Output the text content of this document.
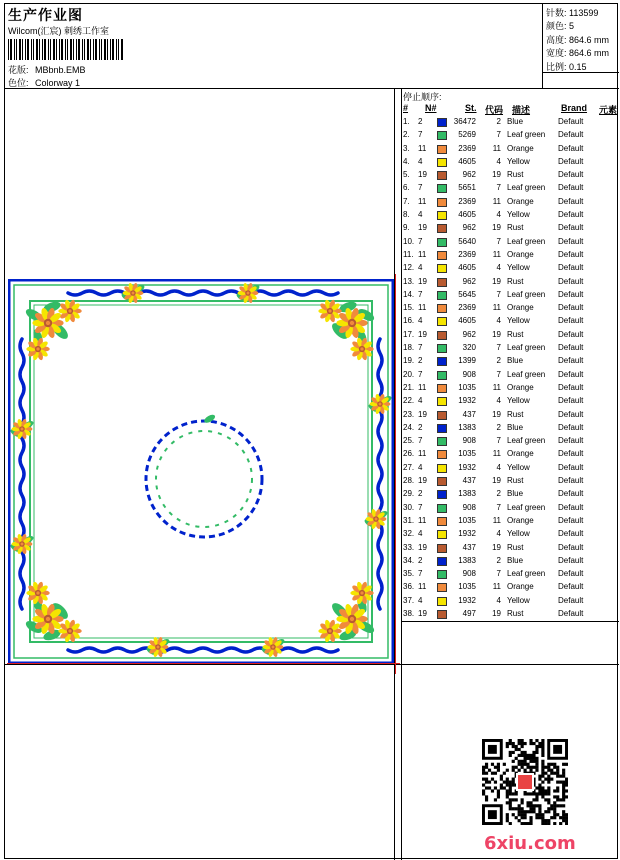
生产作业图
Wilcom(汇宸) 刺绣工作室
花版: MBbnb.EMB
色位: Colorway 1
针数: 113599
颜色: 5
高度: 864.6 mm
宽度: 864.6 mm
比例: 0.15
停止顺序:
# N#	St. 代码 描述	Brand 元素
1.	2	36472	2 Blue	Default
2.	7	5269	7 Leaf green	Default
3.	11	2369	11 Orange	Default
4.	4	4605	4 Yellow	Default
5.	19	962	19 Rust	Default
6.	7	5651	7 Leaf green	Default
7.	11	2369	11 Orange	Default
8.	4	4605	4 Yellow	Default
9.	19	962	19 Rust	Default
10. 7	5640	7 Leaf green	Default
11. 11	2369	11 Orange	Default
12. 4	4605	4 Yellow	Default
13. 19	962	19 Rust	Default
14. 7	5645	7 Leaf green	Default
15. 11	2369	11 Orange	Default
16. 4	4605	4 Yellow	Default
17. 19	962	19 Rust	Default
18. 7	320	7 Leaf green	Default
19. 2	1399	2 Blue	Default
20. 7	908	7 Leaf green	Default
21. 11	1035	11 Orange	Default
22. 4	1932	4 Yellow	Default
23. 19	437	19 Rust	Default
24. 2	1383	2 Blue	Default
25. 7	908	7 Leaf green	Default
26. 11	1035	11 Orange	Default
27. 4	1932	4 Yellow	Default
28. 19	437	19 Rust	Default
29. 2	1383	2 Blue	Default
30. 7	908	7 Leaf green	Default
31. 11	1035	11 Orange	Default
32. 4	1932	4 Yellow	Default
33. 19	437	19 Rust	Default
34. 2	1383	2 Blue	Default
35. 7	908	7 Leaf green	Default
36. 11	1035	11 Orange	Default
37. 4	1932	4 Yellow	Default
38. 19	497	19 Rust	Default
6xiu.com
